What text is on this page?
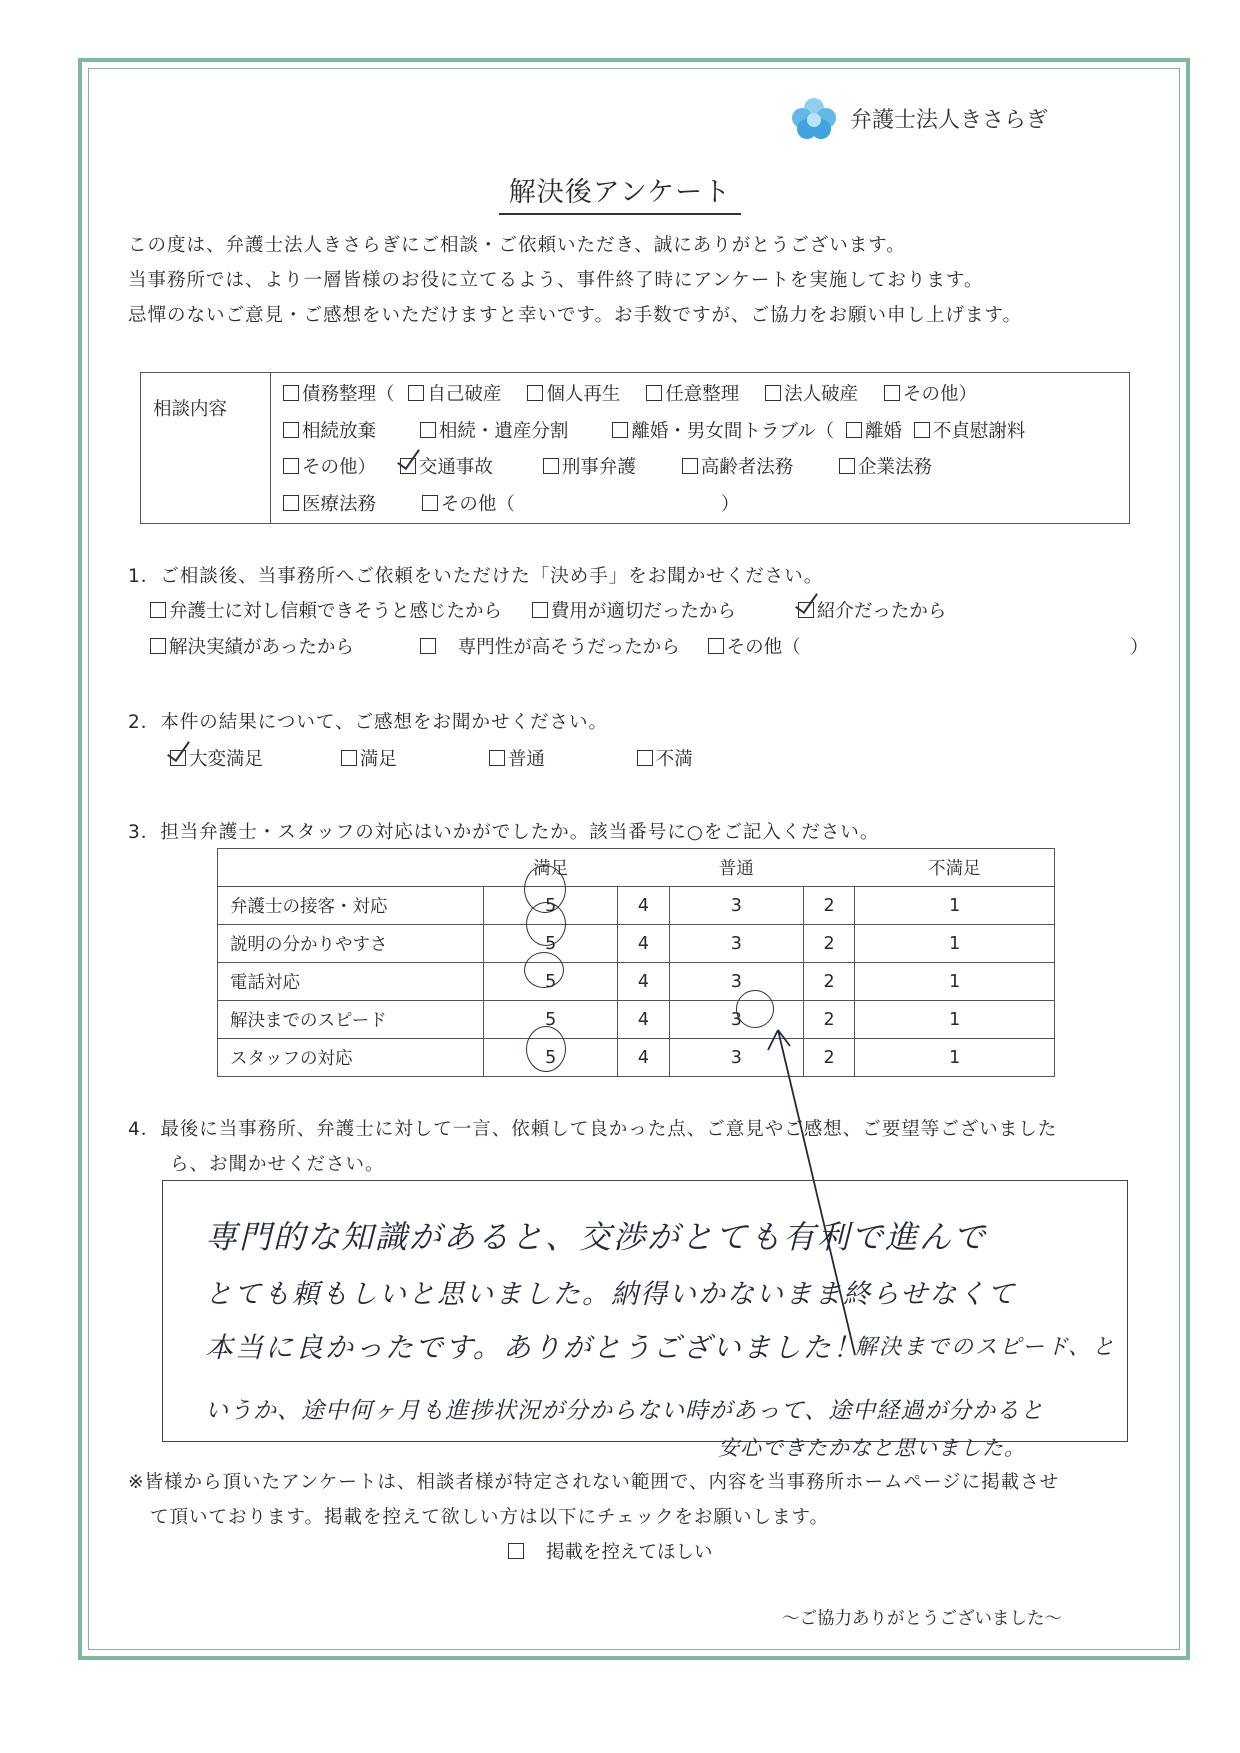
弁護士法人きさらぎ
解決後アンケート
この度は、弁護士法人きさらぎにご相談・ご依頼いただき、誠にありがとうございます。
当事務所では、より一層皆様のお役に立てるよう、事件終了時にアンケートを実施しております。
忌憚のないご意見・ご感想をいただけますと幸いです。お手数ですが、ご協力をお願い申し上げます。
相談内容	
債務整理（ 自己破産 個人再生 任意整理 法人破産 その他）
相続放棄	相続・遺産分割	離婚・男女間トラブル（ 離婚 不貞慰謝料
その他） 交通事故	刑事弁護	高齢者法務	企業法務
医療法務	その他（	）
1．ご相談後、当事務所へご依頼をいただけた「決め手」をお聞かせください。
弁護士に対し信頼できそうと感じたから	費用が適切だったから	紹介だったから
解決実績があったから	専門性が高そうだったから	その他（	）
2．本件の結果について、ご感想をお聞かせください。
大変満足	満足	普通	不満
3．担当弁護士・スタッフの対応はいかがでしたか。該当番号に○をご記入ください。
	満足		普通		不満足
弁護士の接客・対応	5	4	3	2	1
説明の分かりやすさ	5	4	3	2	1
電話対応	5	4	3	2	1
解決までのスピード	5	4	3	2	1
スタッフの対応	5	4	3	2	1
4．最後に当事務所、弁護士に対して一言、依頼して良かった点、ご意見やご感想、ご要望等ございました
ら、お聞かせください。
専門的な知識があると、交渉がとても有利で進んで
とても頼もしいと思いました。納得いかないまま終らせなくて
本当に良かったです。ありがとうございました！
解決までのスピード、と
いうか、途中何ヶ月も進捗状況が分からない時があって、途中経過が分かると
安心できたかなと思いました。
※皆様から頂いたアンケートは、相談者様が特定されない範囲で、内容を当事務所ホームページに掲載させ
て頂いております。掲載を控えて欲しい方は以下にチェックをお願いします。
掲載を控えてほしい
～ご協力ありがとうございました～
